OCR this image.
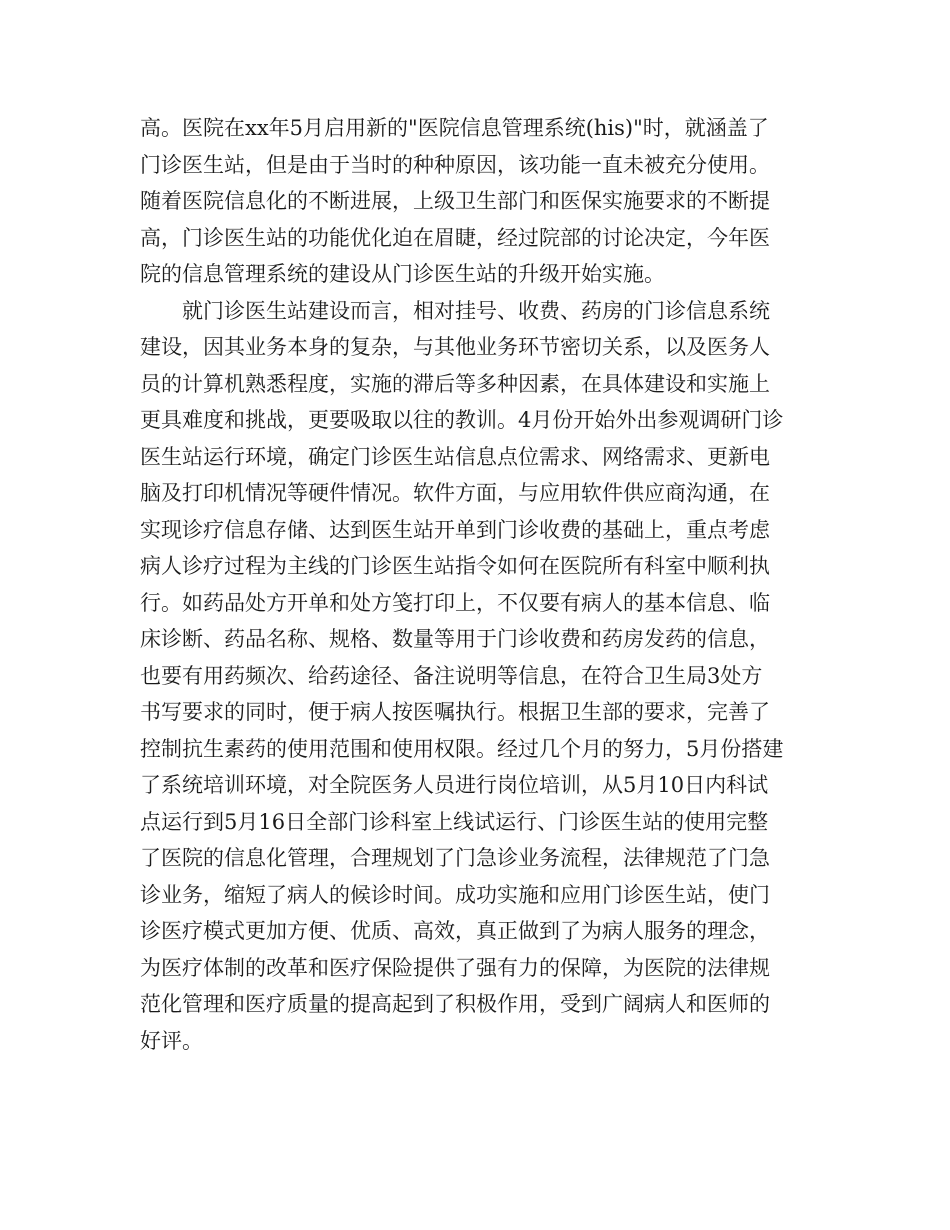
高。医院在xx年5月启用新的"医院信息管理系统(his)"时，就涵盖了
门诊医生站，但是由于当时的种种原因，该功能一直未被充分使用。
随着医院信息化的不断进展，上级卫生部门和医保实施要求的不断提
高，门诊医生站的功能优化迫在眉睫，经过院部的讨论决定，今年医
院的信息管理系统的建设从门诊医生站的升级开始实施。
就门诊医生站建设而言，相对挂号、收费、药房的门诊信息系统
建设，因其业务本身的复杂，与其他业务环节密切关系，以及医务人
员的计算机熟悉程度，实施的滞后等多种因素，在具体建设和实施上
更具难度和挑战，更要吸取以往的教训。4月份开始外出参观调研门诊
医生站运行环境，确定门诊医生站信息点位需求、网络需求、更新电
脑及打印机情况等硬件情况。软件方面，与应用软件供应商沟通，在
实现诊疗信息存储、达到医生站开单到门诊收费的基础上，重点考虑
病人诊疗过程为主线的门诊医生站指令如何在医院所有科室中顺利执
行。如药品处方开单和处方笺打印上，不仅要有病人的基本信息、临
床诊断、药品名称、规格、数量等用于门诊收费和药房发药的信息，
也要有用药频次、给药途径、备注说明等信息，在符合卫生局3处方
书写要求的同时，便于病人按医嘱执行。根据卫生部的要求，完善了
控制抗生素药的使用范围和使用权限。经过几个月的努力，5月份搭建
了系统培训环境，对全院医务人员进行岗位培训，从5月10日内科试
点运行到5月16日全部门诊科室上线试运行、门诊医生站的使用完整
了医院的信息化管理，合理规划了门急诊业务流程，法律规范了门急
诊业务，缩短了病人的候诊时间。成功实施和应用门诊医生站，使门
诊医疗模式更加方便、优质、高效，真正做到了为病人服务的理念，
为医疗体制的改革和医疗保险提供了强有力的保障，为医院的法律规
范化管理和医疗质量的提高起到了积极作用，受到广阔病人和医师的
好评。
